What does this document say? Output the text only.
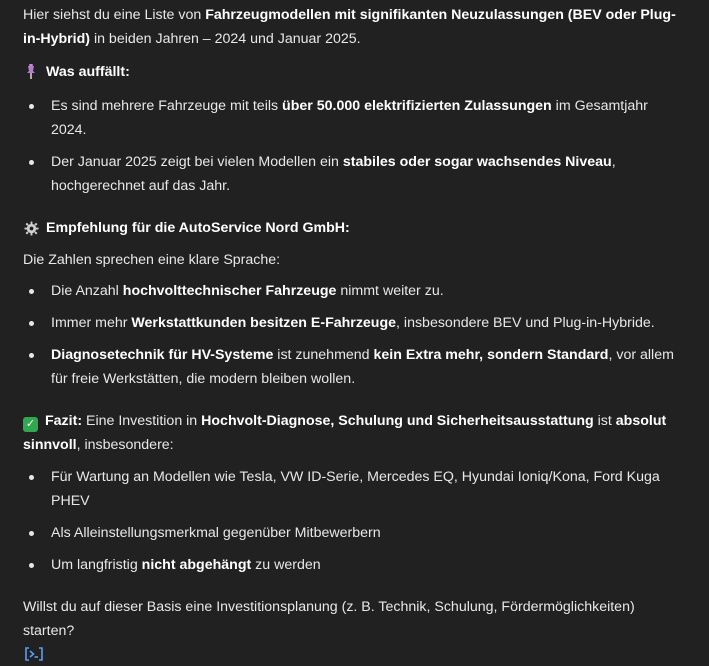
Hier siehst du eine Liste von Fahrzeugmodellen mit signifikanten Neuzulassungen (BEV oder Plug-in-Hybrid) in beiden Jahren – 2024 und Januar 2025.

Was auffällt:
Es sind mehrere Fahrzeuge mit teils über 50.000 elektrifizierten Zulassungen im Gesamtjahr 2024.
Der Januar 2025 zeigt bei vielen Modellen ein stabiles oder sogar wachsendes Niveau, hochgerechnet auf das Jahr.
Empfehlung für die AutoService Nord GmbH:

Die Zahlen sprechen eine klare Sprache:

Die Anzahl hochvolttechnischer Fahrzeuge nimmt weiter zu.
Immer mehr Werkstattkunden besitzen E-Fahrzeuge, insbesondere BEV und Plug-in-Hybride.
Diagnosetechnik für HV-Systeme ist zunehmend kein Extra mehr, sondern Standard, vor allem für freie Werkstätten, die modern bleiben wollen.

✓ Fazit: Eine Investition in Hochvolt-Diagnose, Schulung und Sicherheitsausstattung ist absolut sinnvoll, insbesondere:

Für Wartung an Modellen wie Tesla, VW ID-Serie, Mercedes EQ, Hyundai Ioniq/Kona, Ford Kuga PHEV
Als Alleinstellungsmerkmal gegenüber Mitbewerbern
Um langfristig nicht abgehängt zu werden

Willst du auf dieser Basis eine Investitionsplanung (z. B. Technik, Schulung, Fördermöglichkeiten) starten?
